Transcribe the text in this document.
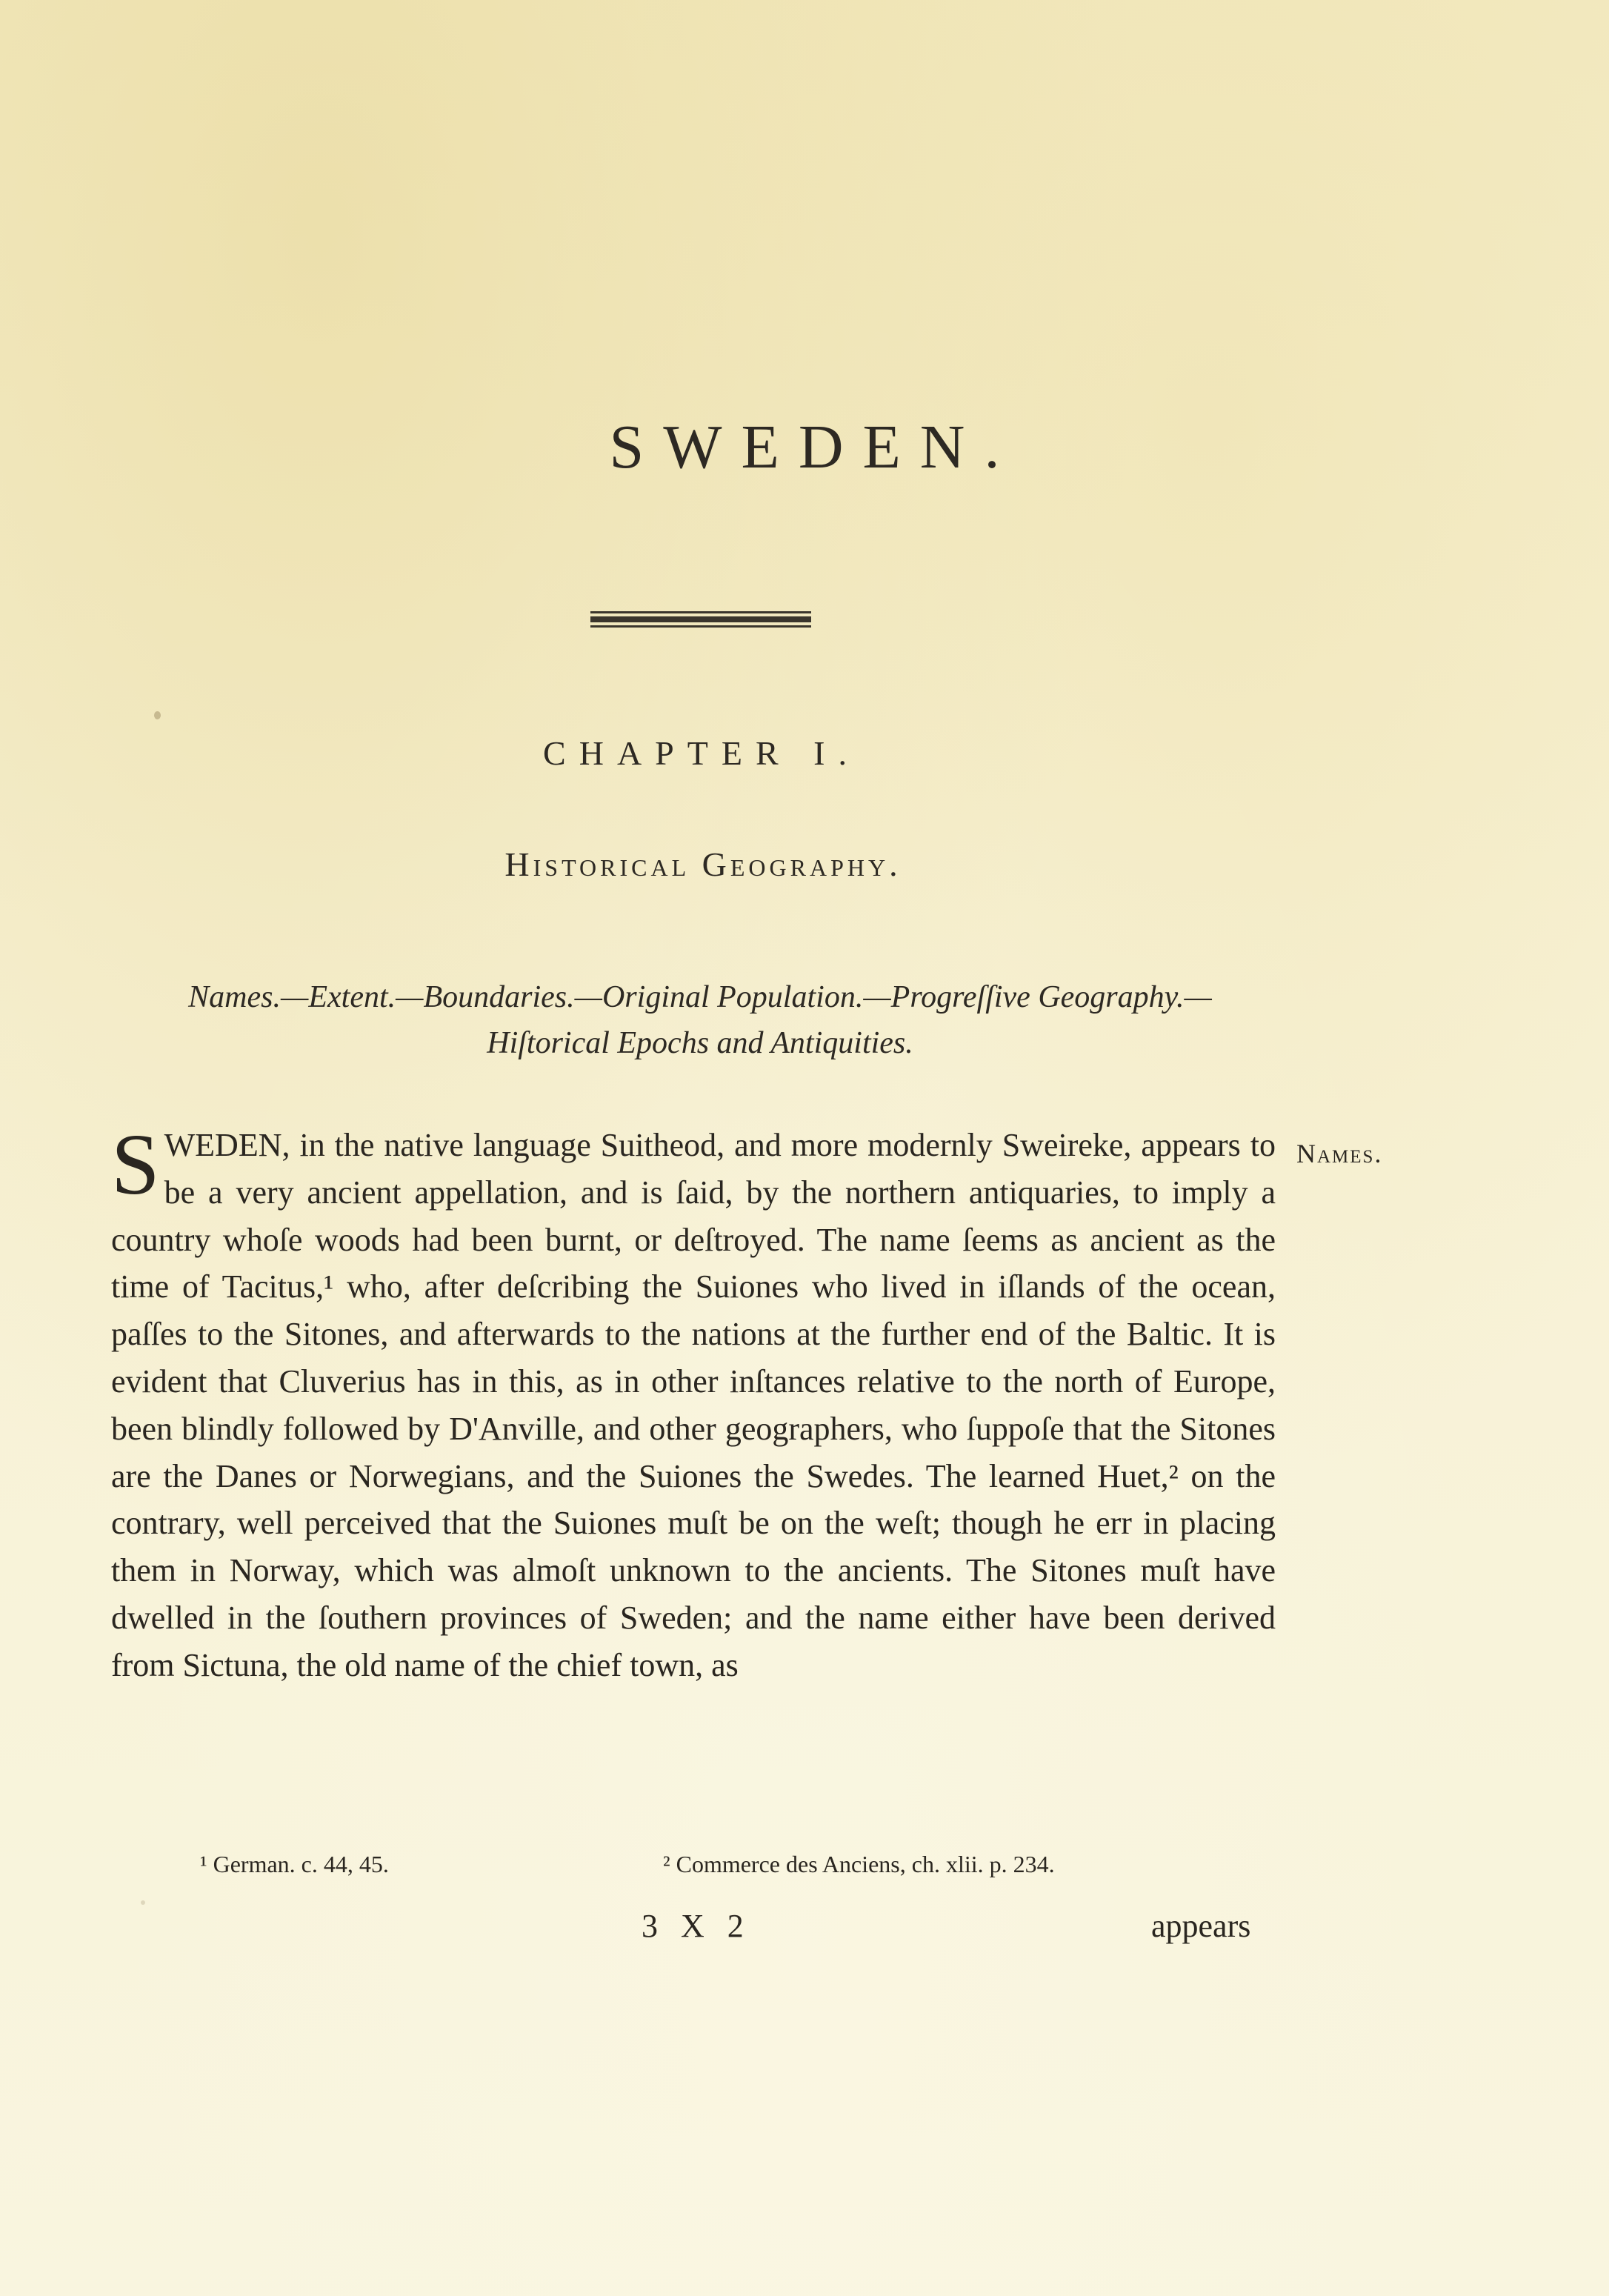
SWEDEN.
CHAPTER I.
Historical Geography.
Names.—Extent.—Boundaries.—Original Population.—Progreſſive Geography.—
Hiſtorical Epochs and Antiquities.
Names.

SWEDEN, in the native language Suitheod, and more modernly Sweireke, appears to be a very ancient appellation, and is ſaid, by the northern antiquaries, to imply a country whoſe woods had been burnt, or deſtroyed. The name ſeems as ancient as the time of Tacitus,¹ who, after deſcribing the Suiones who lived in iſlands of the ocean, paſſes to the Sitones, and afterwards to the nations at the further end of the Baltic. It is evident that Cluverius has in this, as in other inſtances relative to the north of Europe, been blindly followed by D'Anville, and other geographers, who ſuppoſe that the Sitones are the Danes or Norwegians, and the Suiones the Swedes. The learned Huet,² on the contrary, well perceived that the Suiones muſt be on the weſt; though he err in placing them in Norway, which was almoſt unknown to the ancients. The Sitones muſt have dwelled in the ſouthern provinces of Sweden; and the name either have been derived from Sictuna, the old name of the chief town, as

¹ German. c. 44, 45.	² Commerce des Anciens, ch. xlii. p. 234.
3 X 2	appears
